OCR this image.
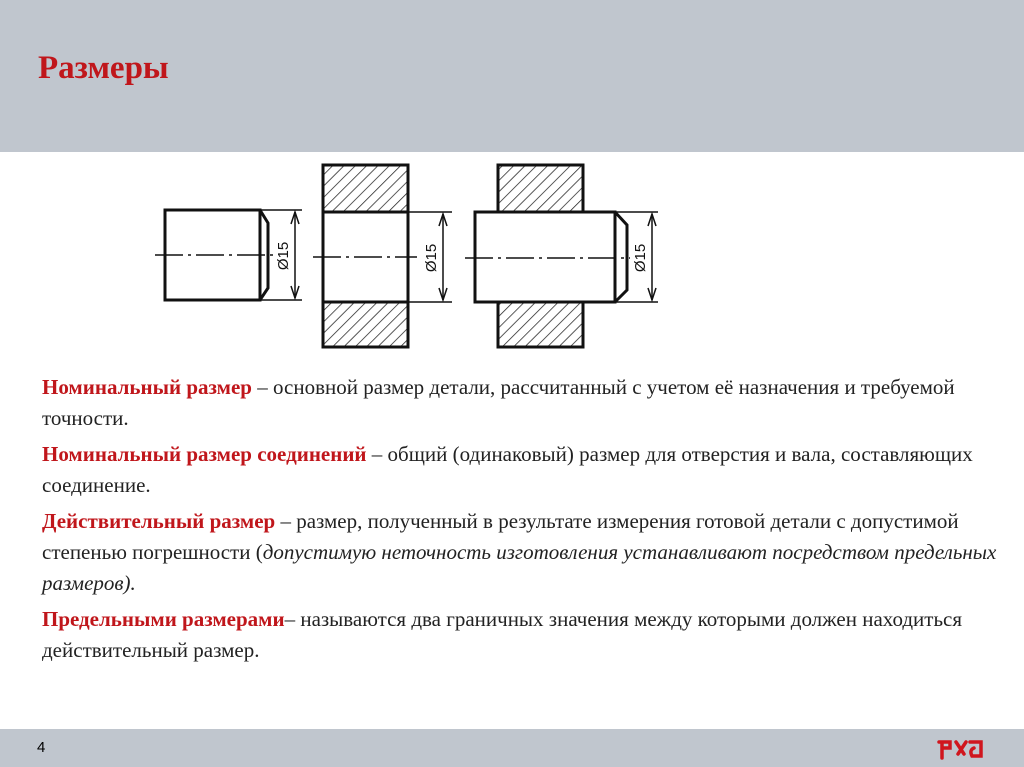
Размеры
Ø15	Ø15	Ø15

Номинальный размер – основной размер детали, рассчитанный с учетом её назначения и требуемой точности.

Номинальный размер соединений – общий (одинаковый) размер для отверстия и вала, составляющих соединение.

Действительный размер – размер, полученный в результате измерения готовой детали с допустимой степенью погрешности (допустимую неточность изготовления устанавливают посредством предельных размеров).

Предельными размерами– называются два граничных значения между которыми должен находиться действительный размер.

4
